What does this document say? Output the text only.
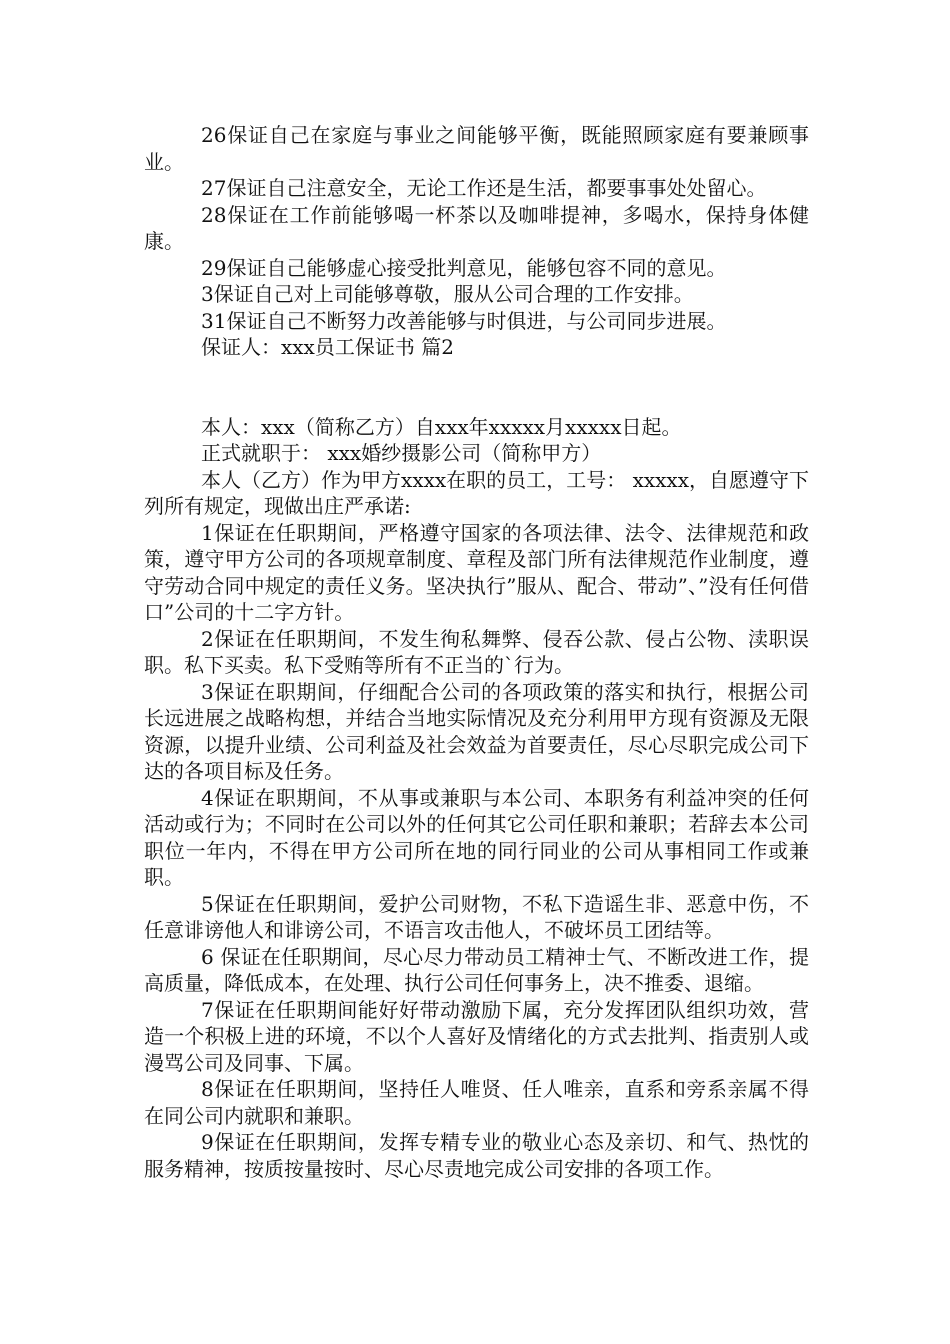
26保证自己在家庭与事业之间能够平衡，既能照顾家庭有要兼顾事业。

27保证自己注意安全，无论工作还是生活，都要事事处处留心。

28保证在工作前能够喝一杯茶以及咖啡提神，多喝水，保持身体健康。

29保证自己能够虚心接受批判意见，能够包容不同的意见。

3保证自己对上司能够尊敬，服从公司合理的工作安排。

31保证自己不断努力改善能够与时俱进，与公司同步进展。

保证人：xxx员工保证书 篇2

本人：xxx（简称乙方）自xxx年xxxxx月xxxxx日起。

正式就职于： xxx婚纱摄影公司（简称甲方）

本人（乙方）作为甲方xxxx在职的员工，工号： xxxxx，自愿遵守下列所有规定，现做出庄严承诺:

1保证在任职期间，严格遵守国家的各项法律、法令、法律规范和政策，遵守甲方公司的各项规章制度、章程及部门所有法律规范作业制度，遵守劳动合同中规定的责任义务。坚决执行”服从、配合、带动”、”没有任何借口”公司的十二字方针。

2保证在任职期间，不发生徇私舞弊、侵吞公款、侵占公物、渎职误职。私下买卖。私下受贿等所有不正当的`行为。

3保证在职期间，仔细配合公司的各项政策的落实和执行，根据公司长远进展之战略构想，并结合当地实际情况及充分利用甲方现有资源及无限资源，以提升业绩、公司利益及社会效益为首要责任，尽心尽职完成公司下达的各项目标及任务。

4保证在职期间，不从事或兼职与本公司、本职务有利益冲突的任何活动或行为；不同时在公司以外的任何其它公司任职和兼职；若辞去本公司职位一年内，不得在甲方公司所在地的同行同业的公司从事相同工作或兼职。

5保证在任职期间，爱护公司财物，不私下造谣生非、恶意中伤，不任意诽谤他人和诽谤公司，不语言攻击他人，不破坏员工团结等。

6 保证在任职期间，尽心尽力带动员工精神士气、不断改进工作，提高质量，降低成本，在处理、执行公司任何事务上，决不推委、退缩。

7保证在任职期间能好好带动激励下属，充分发挥团队组织功效，营造一个积极上进的环境，不以个人喜好及情绪化的方式去批判、指责别人或漫骂公司及同事、下属。

8保证在任职期间，坚持任人唯贤、任人唯亲，直系和旁系亲属不得在同公司内就职和兼职。

9保证在任职期间，发挥专精专业的敬业心态及亲切、和气、热忱的服务精神，按质按量按时、尽心尽责地完成公司安排的各项工作。
